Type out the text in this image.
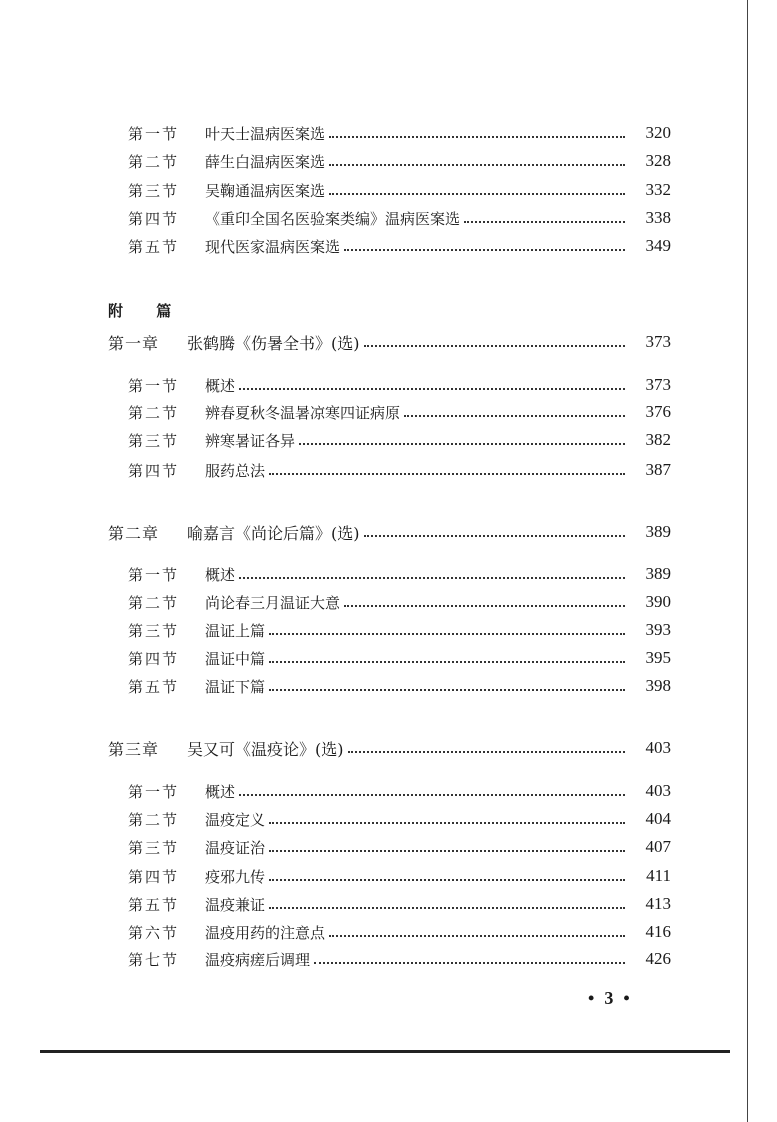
第一节 叶天士温病医案选	320
第二节 薛生白温病医案选	328
第三节 吴鞠通温病医案选	332
第四节 《重印全国名医验案类编》温病医案选	338
第五节 现代医家温病医案选	349
第一章 张鹤腾《伤暑全书》(选)	373
第一节 概述	373
第二节 辨春夏秋冬温暑凉寒四证病原	376
第三节 辨寒暑证各异	382
第四节 服药总法	387
第二章 喻嘉言《尚论后篇》(选)	389
第一节 概述	389
第二节 尚论春三月温证大意	390
第三节 温证上篇	393
第四节 温证中篇	395
第五节 温证下篇	398
第三章 吴又可《温疫论》(选)	403
第一节 概述	403
第二节 温疫定义	404
第三节 温疫证治	407
第四节 疫邪九传	411
第五节 温疫兼证	413
第六节 温疫用药的注意点	416
第七节 温疫病瘥后调理	426
附 篇
•3•
